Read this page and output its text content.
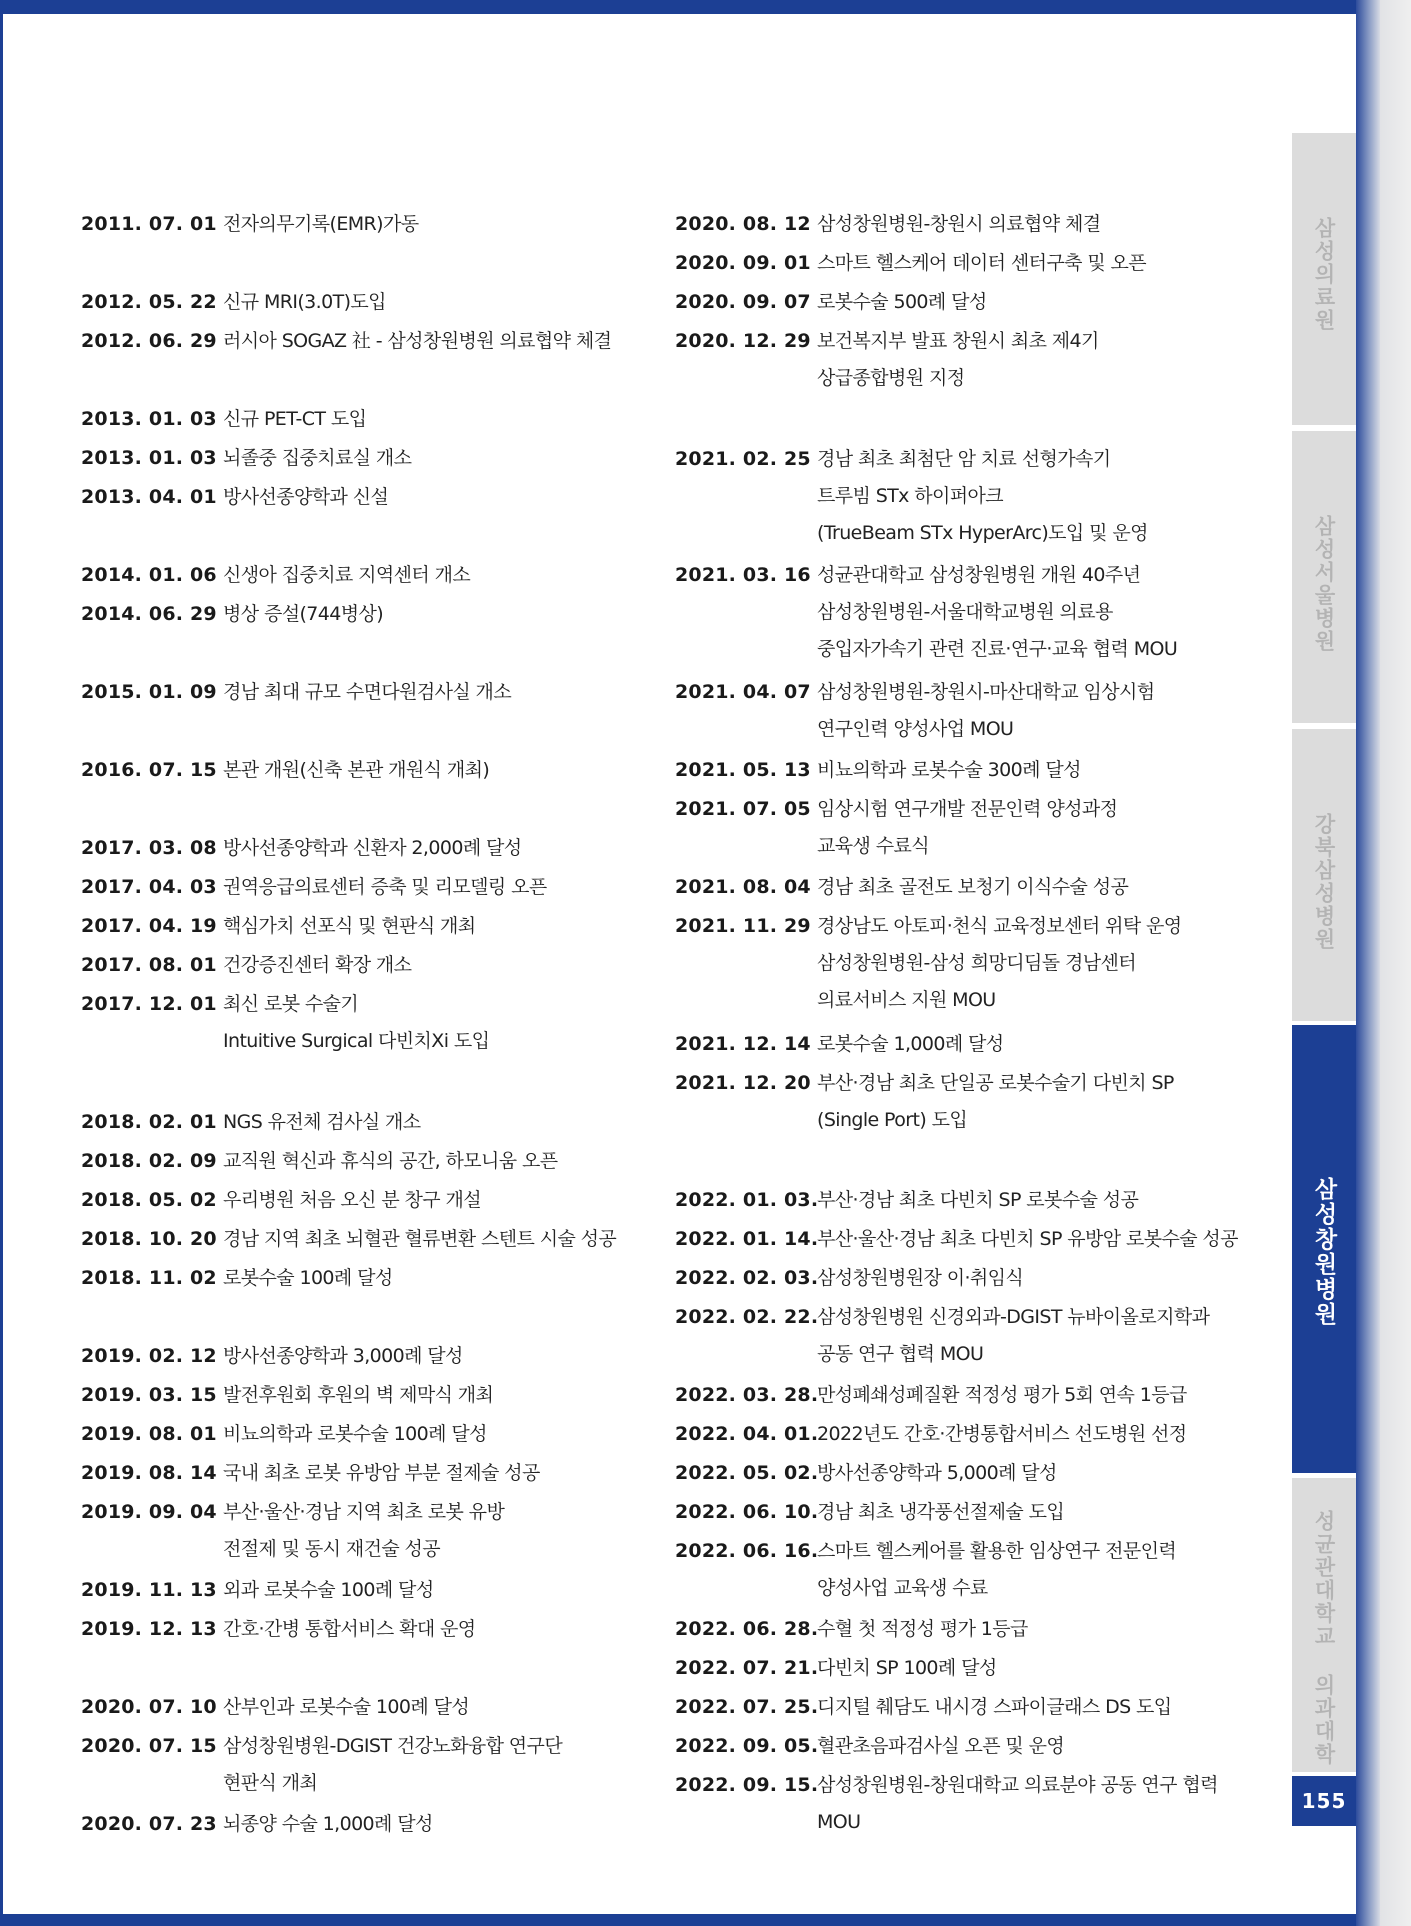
2011. 07. 01 전자의무기록(EMR)가동
2012. 05. 22 신규 MRI(3.0T)도입
2012. 06. 29 러시아 SOGAZ 社 - 삼성창원병원 의료협약 체결
2013. 01. 03 신규 PET-CT 도입
2013. 01. 03 뇌졸중 집중치료실 개소
2013. 04. 01 방사선종양학과 신설
2014. 01. 06 신생아 집중치료 지역센터 개소
2014. 06. 29 병상 증설(744병상)
2015. 01. 09 경남 최대 규모 수면다원검사실 개소
2016. 07. 15 본관 개원(신축 본관 개원식 개최)
2017. 03. 08 방사선종양학과 신환자 2,000례 달성
2017. 04. 03 권역응급의료센터 증축 및 리모델링 오픈
2017. 04. 19 핵심가치 선포식 및 현판식 개최
2017. 08. 01 건강증진센터 확장 개소
2017. 12. 01 최신 로봇 수술기
Intuitive Surgical 다빈치Xi 도입
2018. 02. 01 NGS 유전체 검사실 개소
2018. 02. 09 교직원 혁신과 휴식의 공간, 하모니움 오픈
2018. 05. 02 우리병원 처음 오신 분 창구 개설
2018. 10. 20 경남 지역 최초 뇌혈관 혈류변환 스텐트 시술 성공
2018. 11. 02 로봇수술 100례 달성
2019. 02. 12 방사선종양학과 3,000례 달성
2019. 03. 15 발전후원회 후원의 벽 제막식 개최
2019. 08. 01 비뇨의학과 로봇수술 100례 달성
2019. 08. 14 국내 최초 로봇 유방암 부분 절제술 성공
2019. 09. 04 부산·울산·경남 지역 최초 로봇 유방
전절제 및 동시 재건술 성공
2019. 11. 13 외과 로봇수술 100례 달성
2019. 12. 13 간호·간병 통합서비스 확대 운영
2020. 07. 10 산부인과 로봇수술 100례 달성
2020. 07. 15 삼성창원병원-DGIST 건강노화융합 연구단
현판식 개최
2020. 07. 23 뇌종양 수술 1,000례 달성
2020. 08. 12 삼성창원병원-창원시 의료협약 체결
2020. 09. 01 스마트 헬스케어 데이터 센터구축 및 오픈
2020. 09. 07 로봇수술 500례 달성
2020. 12. 29 보건복지부 발표 창원시 최초 제4기
상급종합병원 지정
2021. 02. 25 경남 최초 최첨단 암 치료 선형가속기
트루빔 STx 하이퍼아크
(TrueBeam STx HyperArc)도입 및 운영
2021. 03. 16 성균관대학교 삼성창원병원 개원 40주년
삼성창원병원-서울대학교병원 의료용
중입자가속기 관련 진료·연구·교육 협력 MOU
2021. 04. 07 삼성창원병원-창원시-마산대학교 임상시험
연구인력 양성사업 MOU
2021. 05. 13 비뇨의학과 로봇수술 300례 달성
2021. 07. 05 임상시험 연구개발 전문인력 양성과정
교육생 수료식
2021. 08. 04 경남 최초 골전도 보청기 이식수술 성공
2021. 11. 29 경상남도 아토피·천식 교육정보센터 위탁 운영
삼성창원병원-삼성 희망디딤돌 경남센터
의료서비스 지원 MOU
2021. 12. 14 로봇수술 1,000례 달성
2021. 12. 20 부산·경남 최초 단일공 로봇수술기 다빈치 SP
(Single Port) 도입
2022. 01. 03.
부산·경남 최초 다빈치 SP 로봇수술 성공
2022. 01. 14.
부산·울산·경남 최초 다빈치 SP 유방암 로봇수술 성공
2022. 02. 03.
삼성창원병원장 이·취임식
2022. 02. 22.
삼성창원병원 신경외과-DGIST 뉴바이올로지학과
공동 연구 협력 MOU
2022. 03. 28.
만성폐쇄성폐질환 적정성 평가 5회 연속 1등급
2022. 04. 01.
2022년도 간호·간병통합서비스 선도병원 선정
2022. 05. 02.
방사선종양학과 5,000례 달성
2022. 06. 10.
경남 최초 냉각풍선절제술 도입
2022. 06. 16.
스마트 헬스케어를 활용한 임상연구 전문인력
양성사업 교육생 수료
2022. 06. 28.
수혈 첫 적정성 평가 1등급
2022. 07. 21.
다빈치 SP 100례 달성
2022. 07. 25.
디지털 췌담도 내시경 스파이글래스 DS 도입
2022. 09. 05.
혈관초음파검사실 오픈 및 운영
2022. 09. 15.
삼성창원병원-창원대학교 의료분야 공동 연구 협력
MOU
삼성의료원
삼성서울병원
강북삼성병원
삼성창원병원
성균관대학교 의과대학
155
